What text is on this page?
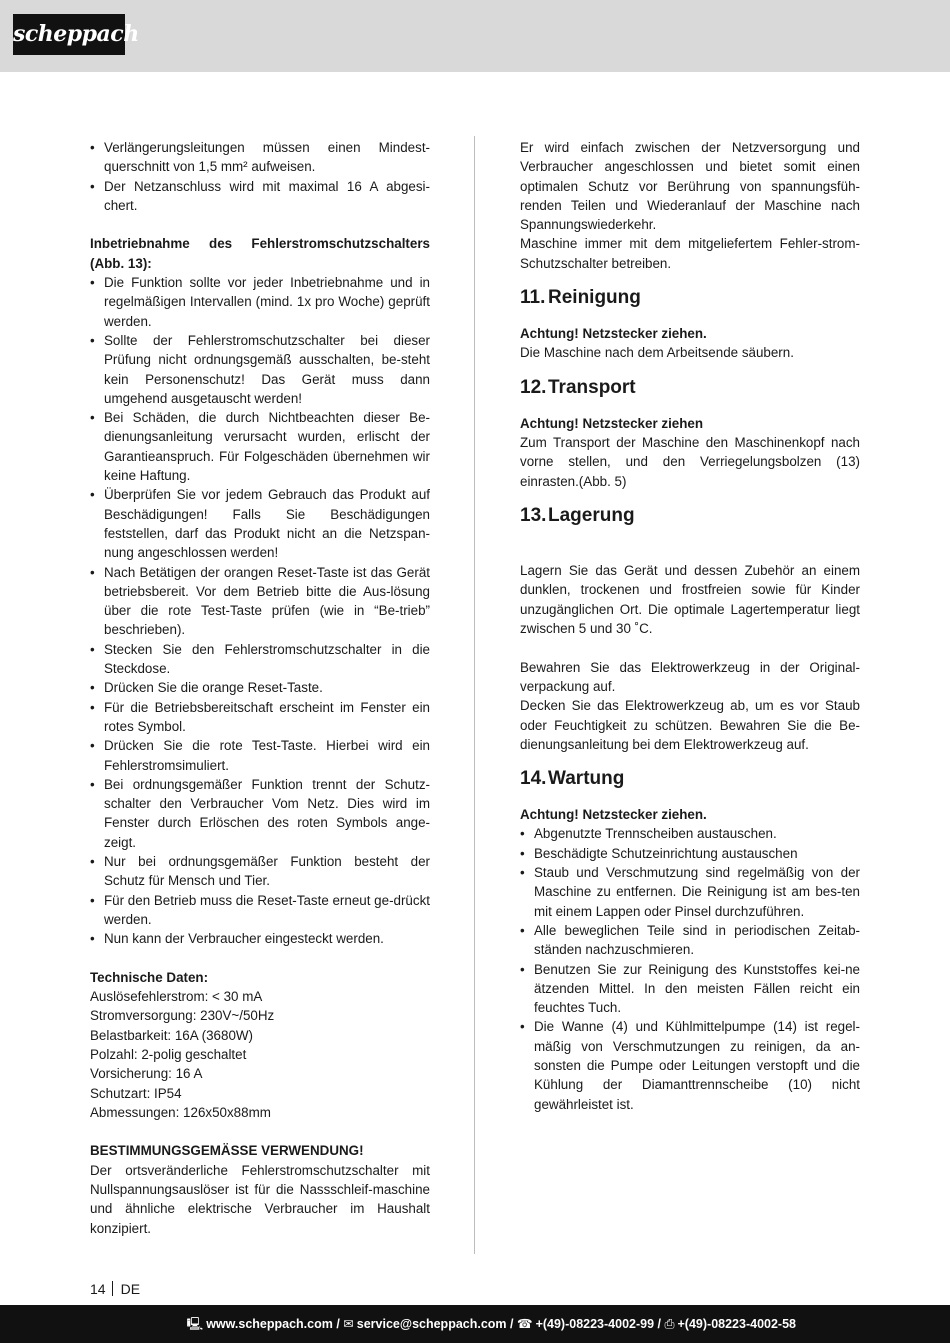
scheppach
• Verlängerungsleitungen müssen einen Mindest-querschnitt von 1,5 mm² aufweisen.
• Der Netzanschluss wird mit maximal 16 A abgesi-chert.

Inbetriebnahme des Fehlerstromschutzschalters (Abb. 13):

• Die Funktion sollte vor jeder Inbetriebnahme und in regelmäßigen Intervallen (mind. 1x pro Woche) geprüft werden.
• Sollte der Fehlerstromschutzschalter bei dieser Prüfung nicht ordnungsgemäß ausschalten, be-steht kein Personenschutz! Das Gerät muss dann umgehend ausgetauscht werden!
• Bei Schäden, die durch Nichtbeachten dieser Be-dienungsanleitung verursacht wurden, erlischt der Garantieanspruch. Für Folgeschäden übernehmen wir keine Haftung.
• Überprüfen Sie vor jedem Gebrauch das Produkt auf Beschädigungen! Falls Sie Beschädigungen feststellen, darf das Produkt nicht an die Netzspan-nung angeschlossen werden!
• Nach Betätigen der orangen Reset-Taste ist das Gerät betriebsbereit. Vor dem Betrieb bitte die Aus-lösung über die rote Test-Taste prüfen (wie in “Be-trieb” beschrieben).
• Stecken Sie den Fehlerstromschutzschalter in die Steckdose.
• Drücken Sie die orange Reset-Taste.
• Für die Betriebsbereitschaft erscheint im Fenster ein rotes Symbol.
• Drücken Sie die rote Test-Taste. Hierbei wird ein Fehlerstromsimuliert.
• Bei ordnungsgemäßer Funktion trennt der Schutz-schalter den Verbraucher Vom Netz. Dies wird im Fenster durch Erlöschen des roten Symbols ange-zeigt.
• Nur bei ordnungsgemäßer Funktion besteht der Schutz für Mensch und Tier.
• Für den Betrieb muss die Reset-Taste erneut ge-drückt werden.
• Nun kann der Verbraucher eingesteckt werden.

Technische Daten:

Auslösefehlerstrom: < 30 mA
Stromversorgung: 230V~/50Hz
Belastbarkeit: 16A (3680W)
Polzahl: 2-polig geschaltet
Vorsicherung: 16 A
Schutzart: IP54
Abmessungen: 126x50x88mm

BESTIMMUNGSGEMÄSSE VERWENDUNG!

Der ortsveränderliche Fehlerstromschutzschalter mit Nullspannungsauslöser ist für die Nassschleif-maschine und ähnliche elektrische Verbraucher im Haushalt konzipiert.

Er wird einfach zwischen der Netzversorgung und Verbraucher angeschlossen und bietet somit einen optimalen Schutz vor Berührung von spannungsfüh-renden Teilen und Wiederanlauf der Maschine nach Spannungswiederkehr.

Maschine immer mit dem mitgeliefertem Fehler-strom-Schutzschalter betreiben.

11. Reinigung

Achtung! Netzstecker ziehen.

Die Maschine nach dem Arbeitsende säubern.

12.Transport

Achtung! Netzstecker ziehen

Zum Transport der Maschine den Maschinenkopf nach vorne stellen, und den Verriegelungsbolzen (13) einrasten.(Abb. 5)

13.Lagerung

Lagern Sie das Gerät und dessen Zubehör an einem dunklen, trockenen und frostfreien sowie für Kinder unzugänglichen Ort. Die optimale Lagertemperatur liegt zwischen 5 und 30 ˚C.

Bewahren Sie das Elektrowerkzeug in der Original-verpackung auf.

Decken Sie das Elektrowerkzeug ab, um es vor Staub oder Feuchtigkeit zu schützen. Bewahren Sie die Be-dienungsanleitung bei dem Elektrowerkzeug auf.

14.Wartung

Achtung! Netzstecker ziehen.

• Abgenutzte Trennscheiben austauschen.
• Beschädigte Schutzeinrichtung austauschen
• Staub und Verschmutzung sind regelmäßig von der Maschine zu entfernen. Die Reinigung ist am bes-ten mit einem Lappen oder Pinsel durchzuführen.
• Alle beweglichen Teile sind in periodischen Zeitab-ständen nachzuschmieren.
• Benutzen Sie zur Reinigung des Kunststoffes kei-ne ätzenden Mittel. In den meisten Fällen reicht ein feuchtes Tuch.
• Die Wanne (4) und Kühlmittelpumpe (14) ist regel-mäßig von Verschmutzungen zu reinigen, da an-sonsten die Pumpe oder Leitungen verstopft und die Kühlung der Diamanttrennscheibe (10) nicht gewährleistet ist.
14 DE
🖳 www.scheppach.com / ✉ service@scheppach.com / ☎ +(49)-08223-4002-99 / ⎙ +(49)-08223-4002-58
